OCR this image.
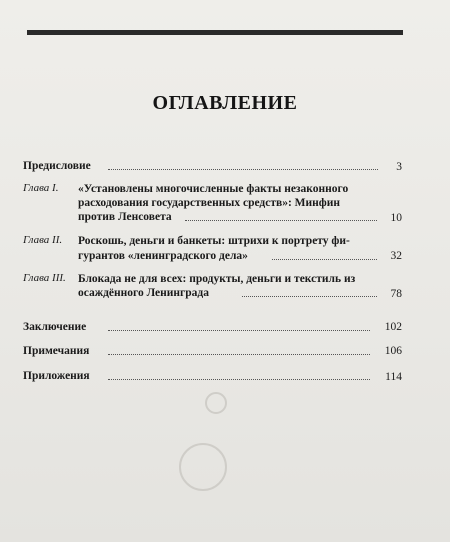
ОГЛАВЛЕНИЕ
Предисловие	3
Глава I. «Установлены многочисленные факты незаконного
расходования государственных средств»: Минфин
против Ленсовета	10
Глава II. Роскошь, деньги и банкеты: штрихи к портрету фи-
гурантов «ленинградского дела»	32
Глава III. Блокада не для всех: продукты, деньги и текстиль из
осаждённого Ленинграда	78
Заключение	102
Примечания	106
Приложения	114
